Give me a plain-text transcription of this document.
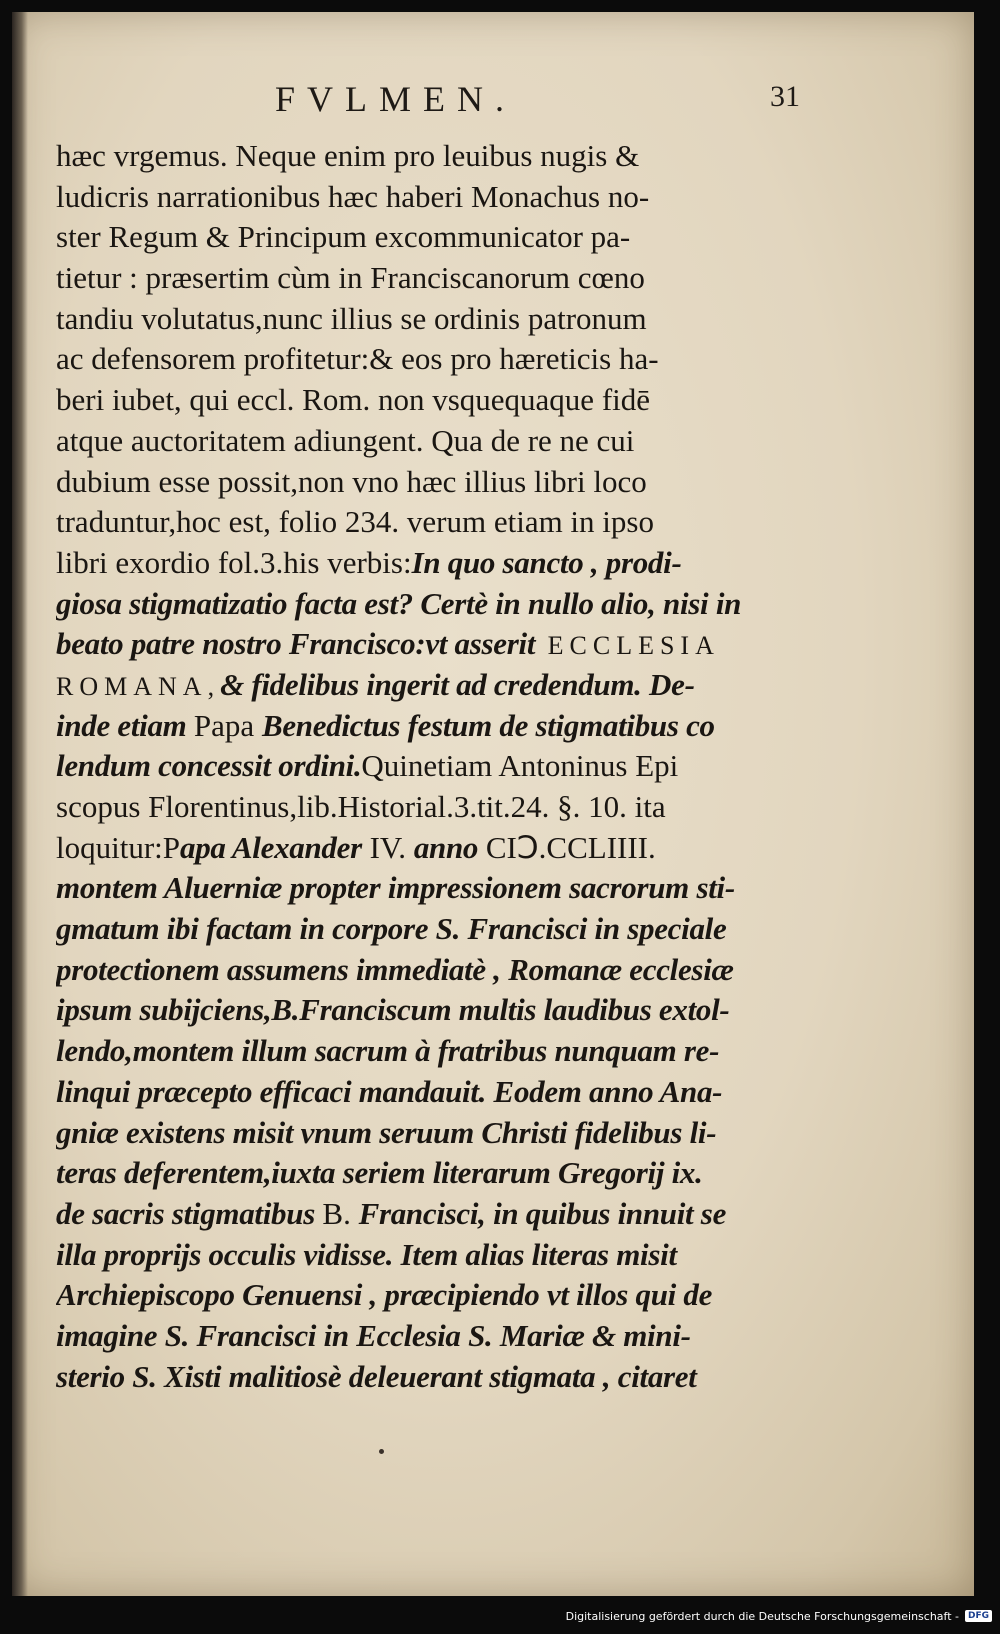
FVLMEN.	31
hæc vrgemus. Neque enim pro leuibus nugis &
ludicris narrationibus hæc haberi Monachus no-
ster Regum & Principum excommunicator pa-
tietur : præsertim cùm in Franciscanorum cœno
tandiu volutatus,nunc illius se ordinis patronum
ac defensorem profitetur:& eos pro hæreticis ha-
beri iubet, qui eccl. Rom. non vsquequaque fidē
atque auctoritatem adiungent. Qua de re ne cui
dubium esse possit,non vno hæc illius libri loco
traduntur,hoc est, folio 234. verum etiam in ipso
libri exordio fol.3.his verbis:In quo sancto , prodi-
giosa stigmatizatio facta est? Certè in nullo alio, nisi in
beato patre nostro Francisco:vt asserit ECCLESIA
ROMANA,& fidelibus ingerit ad credendum. De-
inde etiam Papa Benedictus festum de stigmatibus co
lendum concessit ordini.Quinetiam Antoninus Epi
scopus Florentinus,lib.Historial.3.tit.24. §. 10. ita
loquitur:Papa Alexander IV. anno CIↃ.CCLIIII.
montem Aluerniæ propter impressionem sacrorum sti-
gmatum ibi factam in corpore S. Francisci in speciale
protectionem assumens immediatè , Romanæ ecclesiæ
ipsum subijciens,B.Franciscum multis laudibus extol-
lendo,montem illum sacrum à fratribus nunquam re-
linqui præcepto efficaci mandauit. Eodem anno Ana-
gniæ existens misit vnum seruum Christi fidelibus li-
teras deferentem,iuxta seriem literarum Gregorij ix.
de sacris stigmatibus B. Francisci, in quibus innuit se
illa proprijs occulis vidisse. Item alias literas misit
Archiepiscopo Genuensi , præcipiendo vt illos qui de
imagine S. Francisci in Ecclesia S. Mariæ & mini-
sterio S. Xisti malitiosè deleuerant stigmata , citaret
Digitalisierung gefördert durch die Deutsche Forschungsgemeinschaft -	DFG
